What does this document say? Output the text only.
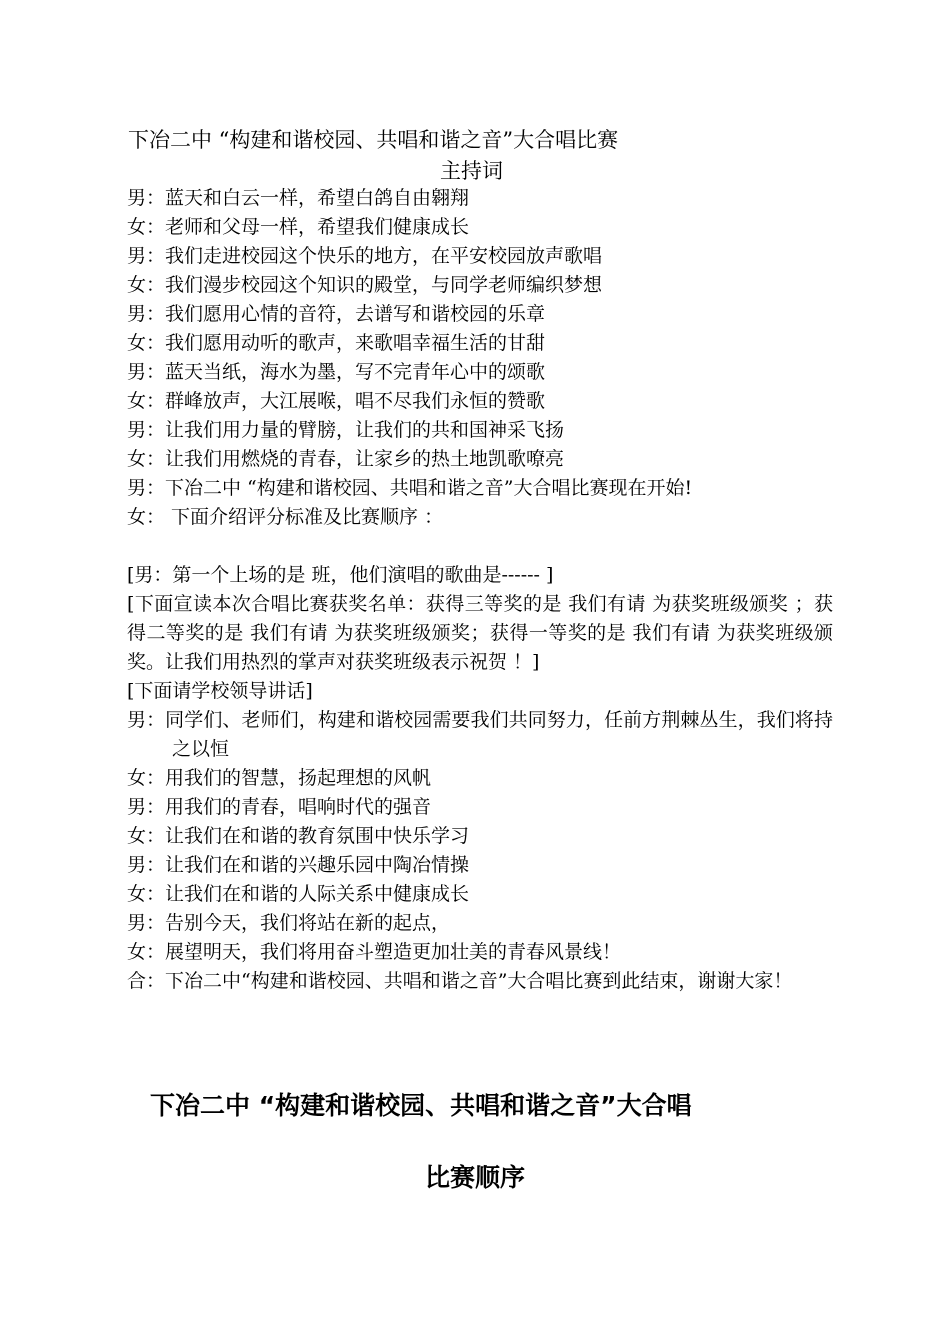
下冶二中 “构建和谐校园、共唱和谐之音”大合唱比赛
主持词
男：蓝天和白云一样，希望白鸽自由翱翔
女：老师和父母一样，希望我们健康成长
男：我们走进校园这个快乐的地方，在平安校园放声歌唱
女：我们漫步校园这个知识的殿堂，与同学老师编织梦想
男：我们愿用心情的音符，去谱写和谐校园的乐章
女：我们愿用动听的歌声，来歌唱幸福生活的甘甜
男：蓝天当纸，海水为墨，写不完青年心中的颂歌
女：群峰放声，大江展喉，唱不尽我们永恒的赞歌
男：让我们用力量的臂膀，让我们的共和国神采飞扬
女：让我们用燃烧的青春，让家乡的热土地凯歌嘹亮
男：下冶二中 “构建和谐校园、共唱和谐之音”大合唱比赛现在开始!
女： 下面介绍评分标准及比赛顺序 ：
[男：第一个上场的是 班，他们演唱的歌曲是------ ]
[下面宣读本次合唱比赛获奖名单：获得三等奖的是 我们有请 为获奖班级颁奖 ；获得二等奖的是 我们有请 为获奖班级颁奖；获得一等奖的是 我们有请 为获奖班级颁奖。让我们用热烈的掌声对获奖班级表示祝贺 ！]
[下面请学校领导讲话]
男：同学们、老师们，构建和谐校园需要我们共同努力，任前方荆棘丛生，我们将持之以恒
女：用我们的智慧，扬起理想的风帆
男：用我们的青春，唱响时代的强音
女：让我们在和谐的教育氛围中快乐学习
男：让我们在和谐的兴趣乐园中陶冶情操
女：让我们在和谐的人际关系中健康成长
男：告别今天，我们将站在新的起点，
女：展望明天，我们将用奋斗塑造更加壮美的青春风景线！
合：下冶二中“构建和谐校园、共唱和谐之音”大合唱比赛到此结束，谢谢大家！
下冶二中 “构建和谐校园、共唱和谐之音”大合唱
比赛顺序
